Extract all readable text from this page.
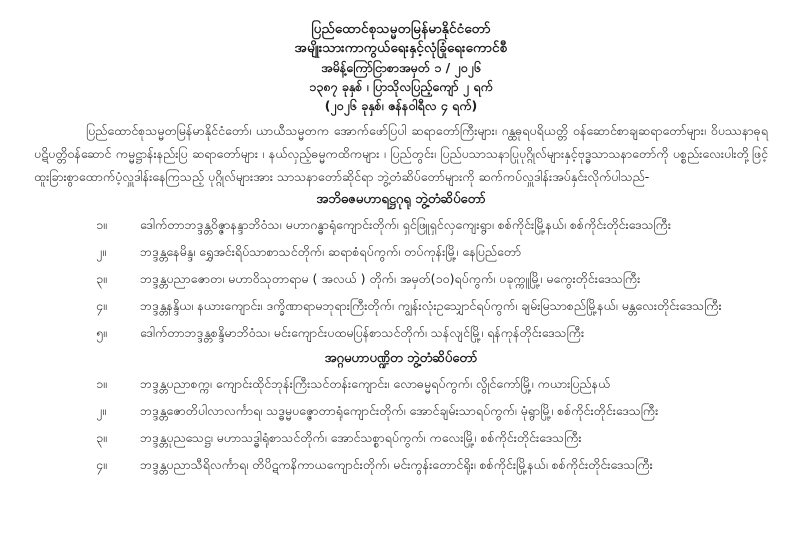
ပြည်ထောင်စုသမ္မတမြန်မာနိုင်ငံတော်
အမျိုးသားကာကွယ်ရေးနှင့်လုံခြုံရေးကောင်စီ
အမိန့်ကြော်ငြာစာအမှတ် ၁ / ၂၀၂၆
၁၃၈၇ ခုနှစ် ၊ ပြာသိုလပြည့်ကျော် ၂ ရက်
(၂၀၂၆ ခုနှစ်၊ ဇန်နဝါရီလ ၄ ရက်)

ပြည်ထောင်စုသမ္မတမြန်မာနိုင်ငံတော်၊ ယာယီသမ္မတက အောက်ဖော်ပြပါ ဆရာတော်ကြီးများ၊ ဂန္ထဓုရပရိယတ္တိ ဝန်ဆောင်စာချဆရာတော်များ၊ ဝိပဿနာဓုရပဋိပတ္တိဝန်ဆောင် ကမ္မဋ္ဌာန်းနည်းပြ ဆရာတော်များ ၊ နယ်လှည့်ဓမ္မကထိကများ ၊ ပြည်တွင်း၊ ပြည်ပသာသနာပြုပုဂ္ဂိုလ်များနှင့်ဗုဒ္ဓသာသနာတော်ကို ပစ္စည်းလေးပါးတို့ဖြင့် ထူးခြားစွာထောက်ပံ့လှူဒါန်းနေကြသည့် ပုဂ္ဂိုလ်များအား သာသနာတော်ဆိုင်ရာ ဘွဲ့တံဆိပ်တော်များကို ဆက်ကပ်လှူဒါန်းအပ်နှင်းလိုက်ပါသည်-

အဘိဓဇမဟာရဋ္ဌဂုရု ဘွဲ့တံဆိပ်တော်
၁။	ဒေါက်တာဘဒ္ဒန္တဝိဇ္ဇာနန္ဒာဘိဝံသ၊ မဟာဂန္ဓာရုံကျောင်းတိုက်၊ ရှင်ဖြူရှင်လှကျေးရွာ၊ စစ်ကိုင်းမြို့နယ်၊ စစ်ကိုင်းတိုင်းဒေသကြီး
၂။	ဘဒ္ဒန္တနေမိန္ဒ၊ ရွှေအင်းရိပ်သာစာသင်တိုက်၊ ဆရာစံရပ်ကွက်၊ တပ်ကုန်းမြို့၊ နေပြည်တော်
၃။	ဘဒ္ဒန္တပညာဇောတ၊ မဟာဝိသုတာရာမ ( အလယ် ) တိုက်၊ အမှတ်(၁၀)ရပ်ကွက်၊ ပခုက္ကူမြို့၊ မကွေးတိုင်းဒေသကြီး
၄။	ဘဒ္ဒန္တနန္ဒိယ၊ နယားကျောင်း၊ ဒက္ခိဏာရာမဘုရားကြီးတိုက်၊ ကျွန်းလုံးဥသျှောင်ရပ်ကွက်၊ ချမ်းမြသာစည်မြို့နယ်၊ မန္တလေးတိုင်းဒေသကြီး
၅။	ဒေါက်တာဘဒ္ဒန္တစန္ဒိမာဘိဝံသ၊ မင်းကျောင်းပထမပြန်စာသင်တိုက်၊ သန်လျင်မြို့၊ ရန်ကုန်တိုင်းဒေသကြီး
အဂ္ဂမဟာပဏ္ဍိတ ဘွဲ့တံဆိပ်တော်
၁။	ဘဒ္ဒန္တပညာစက္က၊ ကျောင်းထိုင်ဘုန်းကြီးသင်တန်းကျောင်း၊ လောဓမ္မရပ်ကွက်၊ လွိုင်ကော်မြို့၊ ကယားပြည်နယ်
၂။	ဘဒ္ဒန္တဇောတိပါလာလင်္ကာရ၊ သဒ္ဓမ္မပဇ္ဇောတာရုံကျောင်းတိုက်၊ အောင်ချမ်းသာရပ်ကွက်၊ မုံရွာမြို့၊ စစ်ကိုင်းတိုင်းဒေသကြီး
၃။	ဘဒ္ဒန္တပုညသေဋ္ဌ၊ မဟာသဒ္ဓါရုံစာသင်တိုက်၊ အောင်သစ္စာရပ်ကွက်၊ ကလေးမြို့၊ စစ်ကိုင်းတိုင်းဒေသကြီး
၄။	ဘဒ္ဒန္တပညာသီရိလင်္ကာရ၊ တိပိဋကနိကာယကျောင်းတိုက်၊ မင်းကွန်းတောင်ရိုး၊ စစ်ကိုင်းမြို့နယ်၊ စစ်ကိုင်းတိုင်းဒေသကြီး
